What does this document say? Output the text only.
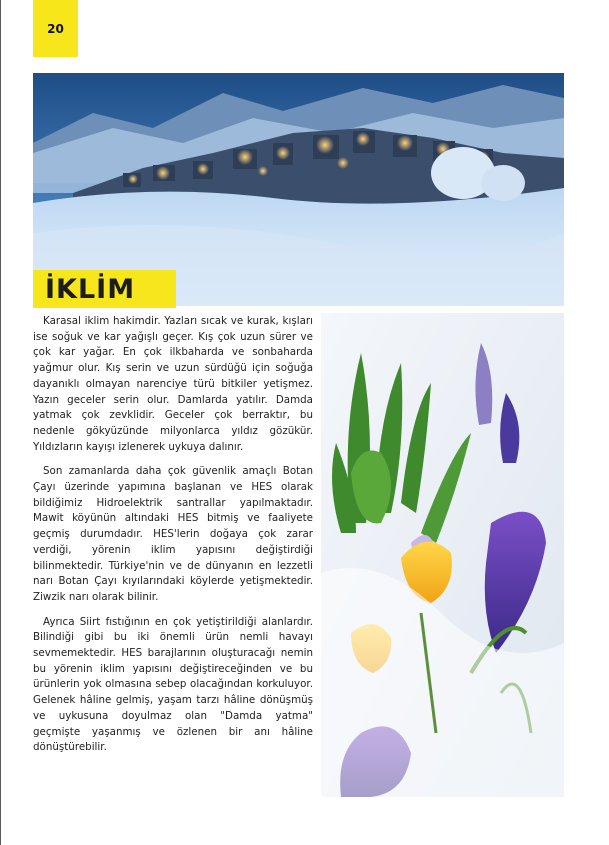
20
İKLİM

Karasal iklim hakimdir. Yazları sıcak ve kurak, kışları ise soğuk ve kar yağışlı geçer. Kış çok uzun sürer ve çok kar yağar. En çok ilkbaharda ve sonbaharda yağmur olur. Kış serin ve uzun sürdüğü için soğuğa dayanıklı olmayan narenciye türü bitkiler yetişmez. Yazın geceler serin olur. Damlarda yatılır. Damda yatmak çok zevklidir. Geceler çok berraktır, bu nedenle gökyüzünde milyonlarca yıldız gözükür. Yıldızların kayışı izlenerek uykuya dalınır.

Son zamanlarda daha çok güvenlik amaçlı Botan Çayı üzerinde yapımına başlanan ve HES olarak bildiğimiz Hidroelektrik santrallar yapılmaktadır. Mawit köyünün altındaki HES bitmiş ve faaliyete geçmiş durumdadır. HES'lerin doğaya çok zarar verdiği, yörenin iklim yapısını değiştirdiği bilinmektedir. Türkiye'nin ve de dünyanın en lezzetli narı Botan Çayı kıyılarındaki köylerde yetişmektedir. Ziwzik narı olarak bilinir.

Ayrıca Siirt fıstığının en çok yetiştirildiği alanlardır. Bilindiği gibi bu iki önemli ürün nemli havayı sevmemektedir. HES barajlarının oluşturacağı nemin bu yörenin iklim yapısını değiştireceğinden ve bu ürünlerin yok olmasına sebep olacağından korkuluyor. Gelenek hâline gelmiş, yaşam tarzı hâline dönüşmüş ve uykusuna doyulmaz olan "Damda yatma" geçmişte yaşanmış ve özlenen bir anı hâline dönüştürebilir.
